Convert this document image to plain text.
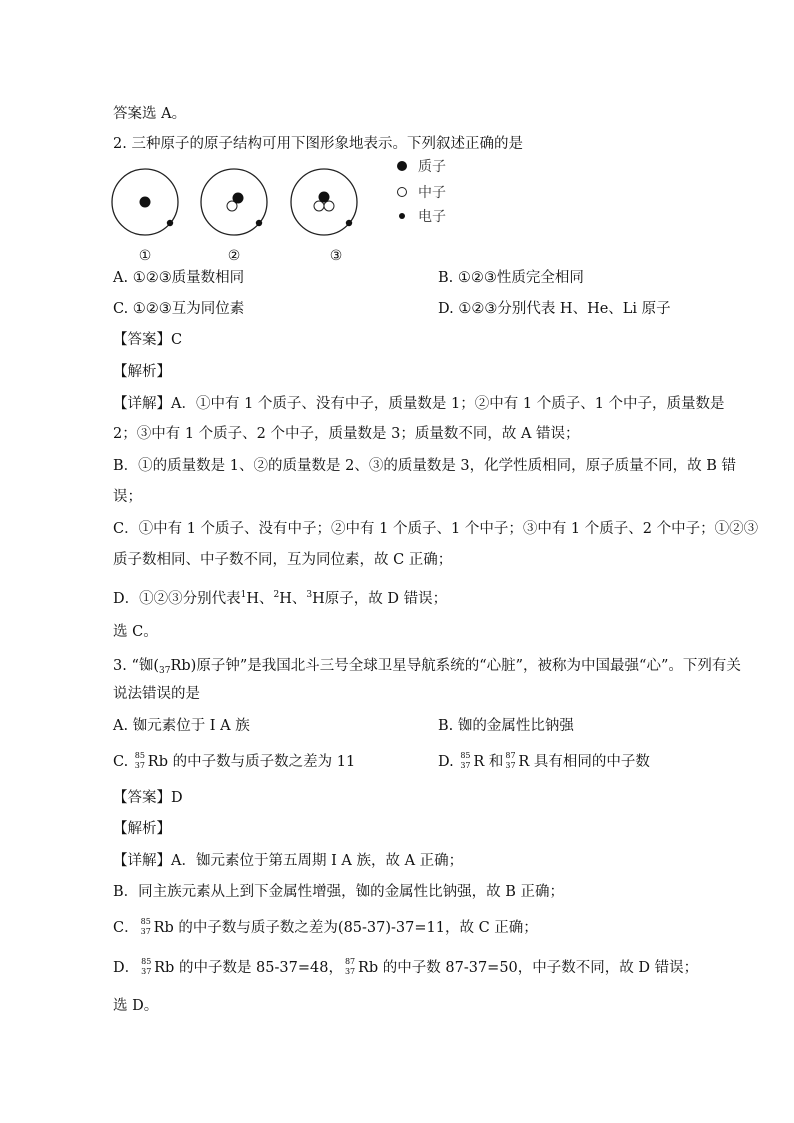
答案选 A。
2. 三种原子的原子结构可用下图形象地表示。下列叙述正确的是
①	②	③
质子
中子
电子
A. ①②③质量数相同	B. ①②③性质完全相同
C. ①②③互为同位素	D. ①②③分别代表 H、He、Li 原子
【答案】C
【解析】
【详解】A．①中有 1 个质子、没有中子，质量数是 1；②中有 1 个质子、1 个中子，质量数是
2；③中有 1 个质子、2 个中子，质量数是 3；质量数不同，故 A 错误；
B．①的质量数是 1、②的质量数是 2、③的质量数是 3，化学性质相同，原子质量不同，故 B 错
误；
C．①中有 1 个质子、没有中子；②中有 1 个质子、1 个中子；③中有 1 个质子、2 个中子；①②③
质子数相同、中子数不同，互为同位素，故 C 正确；
D．①②③分别代表$^1$H、$^2$H、$^3$H原子，故 D 错误；
选 C。
3. “铷$(_{37}Rb)$原子钟”是我国北斗三号全球卫星导航系统的“心脏”，被称为中国最强“心”。下列有关
说法错误的是
A. 铷元素位于 I A 族	B. 铷的金属性比钠强
C. 85
37 Rb 的中子数与质子数之差为 11	D. 85
37 R 和 87
37 R 具有相同的中子数
【答案】D
【解析】
【详解】A．铷元素位于第五周期 I A 族，故 A 正确；
B．同主族元素从上到下金属性增强，铷的金属性比钠强，故 B 正确；
C． 85
37 Rb 的中子数与质子数之差为(85-37)-37=11，故 C 正确；
D． 85
37 Rb 的中子数是 85-37=48， 87
37 Rb 的中子数 87-37=50，中子数不同，故 D 错误；
选 D。
